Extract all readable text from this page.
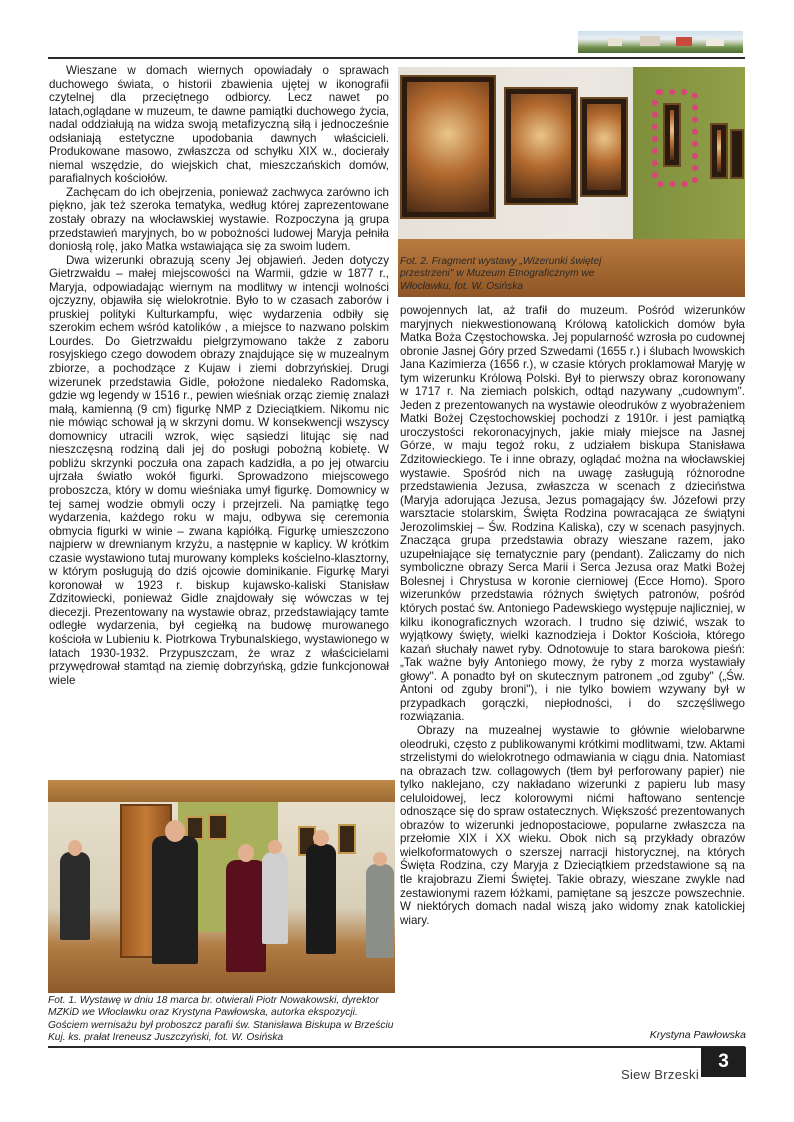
Wieszane w domach wiernych opowiadały o sprawach duchowego świata, o historii zbawienia ujętej w ikonografii czytelnej dla przeciętnego odbiorcy. Lecz nawet po latach,oglądane w muzeum, te dawne pamiątki duchowego życia, nadal oddziałują na widza swoją metafizyczną siłą i jednocześnie odsłaniają estetyczne upodobania dawnych właścicieli. Produkowane masowo, zwłaszcza od schyłku XIX w., docierały niemal wszędzie, do wiejskich chat, mieszczańskich domów, parafialnych kościołów.

Zachęcam do ich obejrzenia, ponieważ zachwyca zarówno ich piękno, jak też szeroka tematyka, według której zaprezentowane zostały obrazy na włocławskiej wystawie. Rozpoczyna ją grupa przedstawień maryjnych, bo w pobożności ludowej Maryja pełniła doniosłą rolę, jako Matka wstawiająca się za swoim ludem.

Dwa wizerunki obrazują sceny Jej objawień. Jeden dotyczy Gietrzwałdu – małej miejscowości na Warmii, gdzie w 1877 r., Maryja, odpowiadając wiernym na modlitwy w intencji wolności ojczyzny, objawiła się wielokrotnie. Było to w czasach zaborów i pruskiej polityki Kulturkampfu, więc wydarzenia odbiły się szerokim echem wśród katolików , a miejsce to nazwano polskim Lourdes. Do Gietrzwałdu pielgrzymowano także z zaboru rosyjskiego czego dowodem obrazy znajdujące się w muzealnym zbiorze, a pochodzące z Kujaw i ziemi dobrzyńskiej. Drugi wizerunek przedstawia Gidle, położone niedaleko Radomska, gdzie wg legendy w 1516 r., pewien wieśniak orząc ziemię znalazł małą, kamienną (9 cm) figurkę NMP z Dzieciątkiem. Nikomu nic nie mówiąc schował ją w skrzyni domu. W konsekwencji wszyscy domownicy utracili wzrok, więc sąsiedzi litując się nad nieszczęsną rodziną dali jej do posługi pobożną kobietę. W pobliżu skrzynki poczuła ona zapach kadzidła, a po jej otwarciu ujrzała światło wokół figurki. Sprowadzono miejscowego proboszcza, który w domu wieśniaka umył figurkę. Domownicy w tej samej wodzie obmyli oczy i przejrzeli. Na pamiątkę tego wydarzenia, każdego roku w maju, odbywa się ceremonia obmycia figurki w winie – zwana kąpiółką. Figurkę umieszczono najpierw w drewnianym krzyżu, a następnie w kaplicy. W krótkim czasie wystawiono tutaj murowany kompleks kościelno-klasztorny, w którym posługują do dziś ojcowie dominikanie. Figurkę Maryi koronował w 1923 r. biskup kujawsko-kaliski Stanisław Zdzitowiecki, ponieważ Gidle znajdowały się wówczas w tej diecezji. Prezentowany na wystawie obraz, przedstawiający tamte odległe wydarzenia, był cegiełką na budowę murowanego kościoła w Lubieniu k. Piotrkowa Trybunalskiego, wystawionego w latach 1930-1932. Przypuszczam, że wraz z właścicielami przywędrował stamtąd na ziemię dobrzyńską, gdzie funkcjonował wiele

Fot. 2. Fragment wystawy „Wizerunki świętej przestrzeni" w Muzeum Etnograficznym we Włocławku, fot. W. Osińska

powojennych lat, aż trafił do muzeum. Pośród wizerunków maryjnych niekwestionowaną Królową katolickich domów była Matka Boża Częstochowska. Jej popularność wzrosła po cudownej obronie Jasnej Góry przed Szwedami (1655 r.) i ślubach lwowskich Jana Kazimierza (1656 r.), w czasie których proklamował Maryję w tym wizerunku Królową Polski. Był to pierwszy obraz koronowany w 1717 r. Na ziemiach polskich, odtąd nazywany „cudownym". Jeden z prezentowanych na wystawie oleodruków z wyobrażeniem Matki Bożej Częstochowskiej pochodzi z 1910r. i jest pamiątką uroczystości rekoronacyjnych, jakie miały miejsce na Jasnej Górze, w maju tegoż roku, z udziałem biskupa Stanisława Zdzitowieckiego. Te i inne obrazy, oglądać można na włocławskiej wystawie. Spośród nich na uwagę zasługują różnorodne przedstawienia Jezusa, zwłaszcza w scenach z dzieciństwa (Maryja adorująca Jezusa, Jezus pomagający św. Józefowi przy warsztacie stolarskim, Święta Rodzina powracająca ze świątyni Jerozolimskiej – Św. Rodzina Kaliska), czy w scenach pasyjnych. Znacząca grupa przedstawia obrazy wieszane razem, jako uzupełniające się tematycznie pary (pendant). Zaliczamy do nich symboliczne obrazy Serca Marii i Serca Jezusa oraz Matki Bożej Bolesnej i Chrystusa w koronie cierniowej (Ecce Homo). Sporo wizerunków przedstawia różnych świętych patronów, pośród których postać św. Antoniego Padewskiego występuje najliczniej, w kilku ikonograficznych wzorach. I trudno się dziwić, wszak to wyjątkowy święty, wielki kaznodzieja i Doktor Kościoła, którego kazań słuchały nawet ryby. Odnotowuje to stara barokowa pieśń: „Tak ważne były Antoniego mowy, że ryby z morza wystawiały głowy". A ponadto był on skutecznym patronem „od zguby" („Św. Antoni od zguby broni"), i nie tylko bowiem wzywany był w przypadkach gorączki, niepłodności, i do szczęśliwego rozwiązania.

Obrazy na muzealnej wystawie to głównie wielobarwne oleodruki, często z publikowanymi krótkimi modlitwami, tzw. Aktami strzelistymi do wielokrotnego odmawiania w ciągu dnia. Natomiast na obrazach tzw. collagowych (tłem był perforowany papier) nie tylko naklejano, czy nakładano wizerunki z papieru lub masy celuloidowej, lecz kolorowymi nićmi haftowano sentencje odnoszące się do spraw ostatecznych. Większość prezentowanych obrazów to wizerunki jednopostaciowe, popularne zwłaszcza na przełomie XIX i XX wieku. Obok nich są przykłady obrazów wielkoformatowych o szerszej narracji historycznej, na których Święta Rodzina, czy Maryja z Dzieciątkiem przedstawione są na tle krajobrazu Ziemi Świętej. Takie obrazy, wieszane zwykle nad zestawionymi razem łóżkami, pamiętane są jeszcze powszechnie. W niektórych domach nadal wiszą jako widomy znak katolickiej wiary.

Fot. 1. Wystawę w dniu 18 marca br. otwierali Piotr Nowakowski, dyrektor MZKiD we Włocławku oraz Krystyna Pawłowska, autorka ekspozycji. Gościem wernisażu był proboszcz parafii św. Stanisława Biskupa w Brześciu Kuj. ks. prałat Ireneusz Juszczyński, fot. W. Osińska	Krystyna Pawłowska
Siew Brzeski
3
